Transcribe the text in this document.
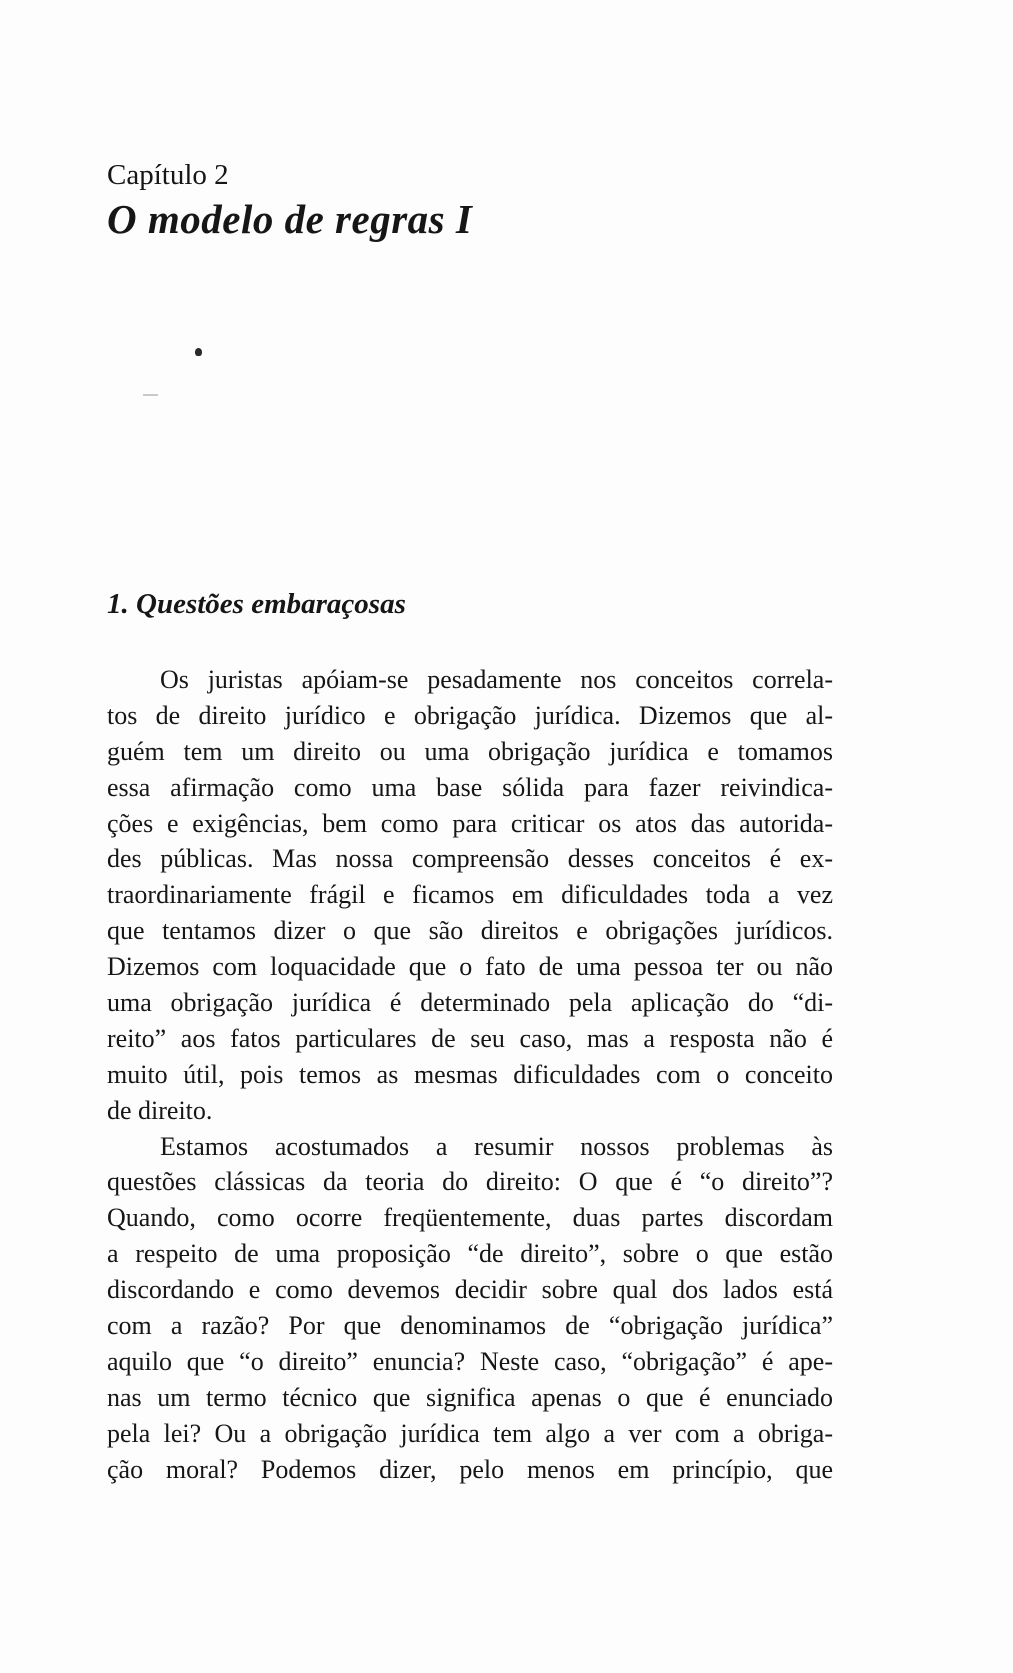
Capítulo 2
O modelo de regras I
1. Questões embaraçosas
Os juristas apóiam-se pesadamente nos conceitos correla-
tos de direito jurídico e obrigação jurídica. Dizemos que al-
guém tem um direito ou uma obrigação jurídica e tomamos
essa afirmação como uma base sólida para fazer reivindica-
ções e exigências, bem como para criticar os atos das autorida-
des públicas. Mas nossa compreensão desses conceitos é ex-
traordinariamente frágil e ficamos em dificuldades toda a vez
que tentamos dizer o que são direitos e obrigações jurídicos.
Dizemos com loquacidade que o fato de uma pessoa ter ou não
uma obrigação jurídica é determinado pela aplicação do “di-
reito” aos fatos particulares de seu caso, mas a resposta não é
muito útil, pois temos as mesmas dificuldades com o conceito
de direito.
Estamos acostumados a resumir nossos problemas às
questões clássicas da teoria do direito: O que é “o direito”?
Quando, como ocorre freqüentemente, duas partes discordam
a respeito de uma proposição “de direito”, sobre o que estão
discordando e como devemos decidir sobre qual dos lados está
com a razão? Por que denominamos de “obrigação jurídica”
aquilo que “o direito” enuncia? Neste caso, “obrigação” é ape-
nas um termo técnico que significa apenas o que é enunciado
pela lei? Ou a obrigação jurídica tem algo a ver com a obriga-
ção moral? Podemos dizer, pelo menos em princípio, que
